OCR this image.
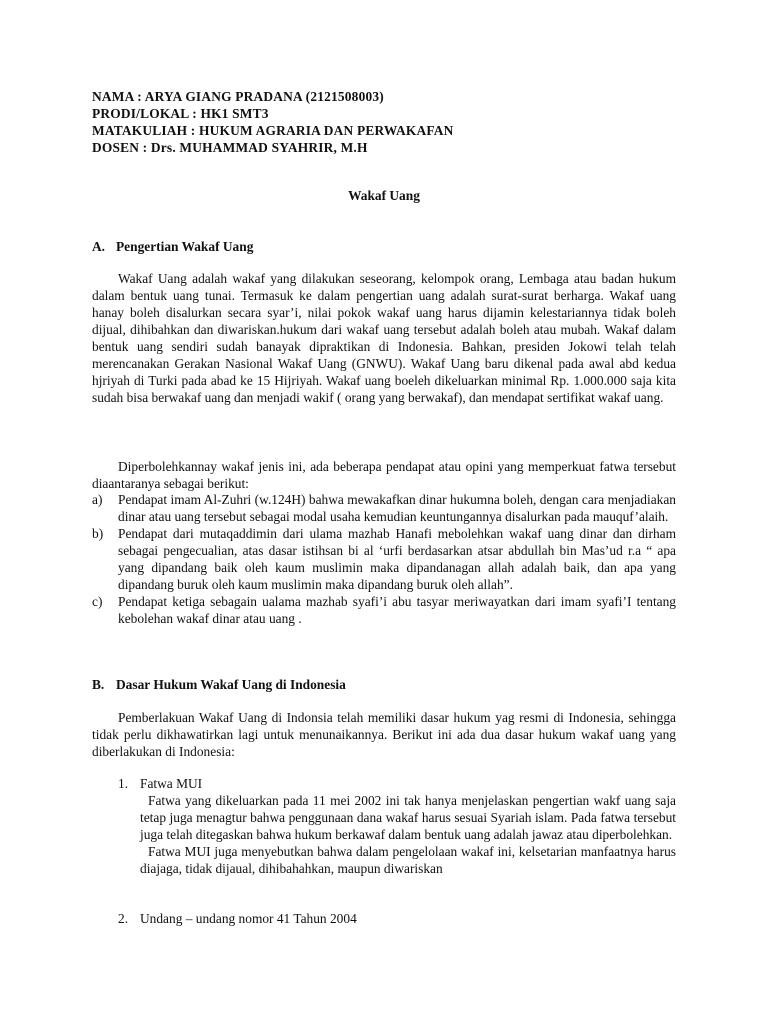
NAMA : ARYA GIANG PRADANA (2121508003)
PRODI/LOKAL : HK1 SMT3
MATAKULIAH : HUKUM AGRARIA DAN PERWAKAFAN
DOSEN : Drs. MUHAMMAD SYAHRIR, M.H
Wakaf Uang
A. Pengertian Wakaf Uang
Wakaf Uang adalah wakaf yang dilakukan seseorang, kelompok orang, Lembaga atau badan hukum dalam bentuk uang tunai. Termasuk ke dalam pengertian uang adalah surat-surat berharga. Wakaf uang hanay boleh disalurkan secara syar’i, nilai pokok wakaf uang harus dijamin kelestariannya tidak boleh dijual, dihibahkan dan diwariskan.hukum dari wakaf uang tersebut adalah boleh atau mubah. Wakaf dalam bentuk uang sendiri sudah banayak dipraktikan di Indonesia. Bahkan, presiden Jokowi telah telah merencanakan Gerakan Nasional Wakaf Uang (GNWU). Wakaf Uang baru dikenal pada awal abd kedua hjriyah di Turki pada abad ke 15 Hijriyah. Wakaf uang boeleh dikeluarkan minimal Rp. 1.000.000 saja kita sudah bisa berwakaf uang dan menjadi wakif ( orang yang berwakaf), dan mendapat sertifikat wakaf uang.
Diperbolehkannay wakaf jenis ini, ada beberapa pendapat atau opini yang memperkuat fatwa tersebut diaantaranya sebagai berikut:
a)	Pendapat imam Al-Zuhri (w.124H) bahwa mewakafkan dinar hukumna boleh, dengan cara menjadiakan dinar atau uang tersebut sebagai modal usaha kemudian keuntungannya disalurkan pada mauquf’alaih.
b)	Pendapat dari mutaqaddimin dari ulama mazhab Hanafi mebolehkan wakaf uang dinar dan dirham sebagai pengecualian, atas dasar istihsan bi al ‘urfi berdasarkan atsar abdullah bin Mas’ud r.a “ apa yang dipandang baik oleh kaum muslimin maka dipandanagan allah adalah baik, dan apa yang dipandang buruk oleh kaum muslimin maka dipandang buruk oleh allah”.
c)	Pendapat ketiga sebagain ualama mazhab syafi’i abu tasyar meriwayatkan dari imam syafi’I tentang kebolehan wakaf dinar atau uang .
B. Dasar Hukum Wakaf Uang di Indonesia
Pemberlakuan Wakaf Uang di Indonsia telah memiliki dasar hukum yag resmi di Indonesia, sehingga tidak perlu dikhawatirkan lagi untuk menunaikannya. Berikut ini ada dua dasar hukum wakaf uang yang diberlakukan di Indonesia:
1. Fatwa MUI
Fatwa yang dikeluarkan pada 11 mei 2002 ini tak hanya menjelaskan pengertian wakf uang saja tetap juga menagtur bahwa penggunaan dana wakaf harus sesuai Syariah islam. Pada fatwa tersebut juga telah ditegaskan bahwa hukum berkawaf dalam bentuk uang adalah jawaz atau diperbolehkan.
Fatwa MUI juga menyebutkan bahwa dalam pengelolaan wakaf ini, kelsetarian manfaatnya harus diajaga, tidak dijaual, dihibahahkan, maupun diwariskan
2. Undang – undang nomor 41 Tahun 2004
